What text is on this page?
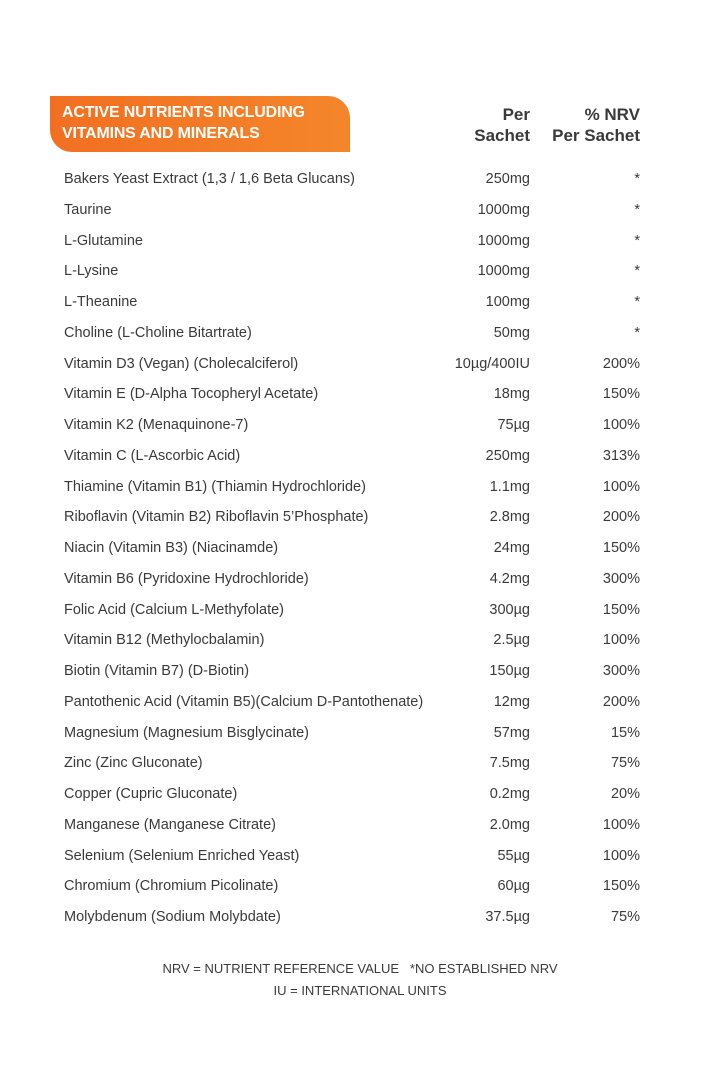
ACTIVE NUTRIENTS INCLUDING
VITAMINS AND MINERALS
Per
Sachet
% NRV
Per Sachet
Bakers Yeast Extract (1,3 / 1,6 Beta Glucans)	250mg	*
Taurine	1000mg	*
L-Glutamine	1000mg	*
L-Lysine	1000mg	*
L-Theanine	100mg	*
Choline (L-Choline Bitartrate)	50mg	*
Vitamin D3 (Vegan) (Cholecalciferol)	10µg/400IU	200%
Vitamin E (D-Alpha Tocopheryl Acetate)	18mg	150%
Vitamin K2 (Menaquinone-7)	75µg	100%
Vitamin C (L-Ascorbic Acid)	250mg	313%
Thiamine (Vitamin B1) (Thiamin Hydrochloride)	1.1mg	100%
Riboflavin (Vitamin B2) Riboflavin 5’Phosphate)	2.8mg	200%
Niacin (Vitamin B3) (Niacinamde)	24mg	150%
Vitamin B6 (Pyridoxine Hydrochloride)	4.2mg	300%
Folic Acid (Calcium L-Methyfolate)	300µg	150%
Vitamin B12 (Methylocbalamin)	2.5µg	100%
Biotin (Vitamin B7) (D-Biotin)	150µg	300%
Pantothenic Acid (Vitamin B5)(Calcium D-Pantothenate)	12mg	200%
Magnesium (Magnesium Bisglycinate)	57mg	15%
Zinc (Zinc Gluconate)	7.5mg	75%
Copper (Cupric Gluconate)	0.2mg	20%
Manganese (Manganese Citrate)	2.0mg	100%
Selenium (Selenium Enriched Yeast)	55µg	100%
Chromium (Chromium Picolinate)	60µg	150%
Molybdenum (Sodium Molybdate)	37.5µg	75%
NRV = NUTRIENT REFERENCE VALUE   *NO ESTABLISHED NRV
IU = INTERNATIONAL UNITS
